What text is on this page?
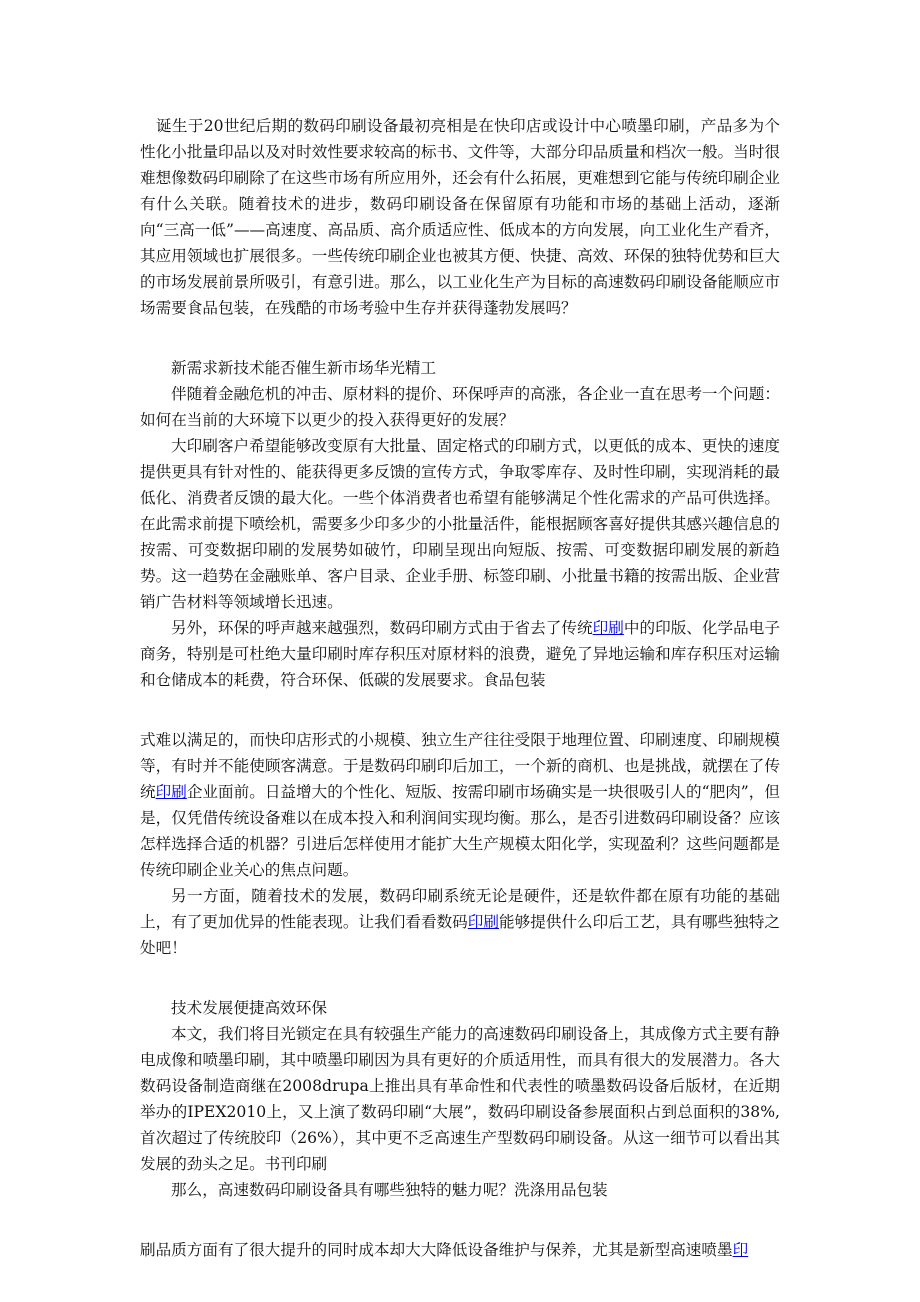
诞生于20世纪后期的数码印刷设备最初亮相是在快印店或设计中心喷墨印刷，产品多为个性化小批量印品以及对时效性要求较高的标书、文件等，大部分印品质量和档次一般。当时很难想像数码印刷除了在这些市场有所应用外，还会有什么拓展，更难想到它能与传统印刷企业有什么关联。随着技术的进步，数码印刷设备在保留原有功能和市场的基础上活动，逐渐向“三高一低”——高速度、高品质、高介质适应性、低成本的方向发展，向工业化生产看齐，其应用领域也扩展很多。一些传统印刷企业也被其方便、快捷、高效、环保的独特优势和巨大的市场发展前景所吸引，有意引进。那么，以工业化生产为目标的高速数码印刷设备能顺应市场需要食品包装，在残酷的市场考验中生存并获得蓬勃发展吗？

新需求新技术能否催生新市场华光精工

伴随着金融危机的冲击、原材料的提价、环保呼声的高涨，各企业一直在思考一个问题：如何在当前的大环境下以更少的投入获得更好的发展？

大印刷客户希望能够改变原有大批量、固定格式的印刷方式，以更低的成本、更快的速度提供更具有针对性的、能获得更多反馈的宣传方式，争取零库存、及时性印刷，实现消耗的最低化、消费者反馈的最大化。一些个体消费者也希望有能够满足个性化需求的产品可供选择。在此需求前提下喷绘机，需要多少印多少的小批量活件，能根据顾客喜好提供其感兴趣信息的按需、可变数据印刷的发展势如破竹，印刷呈现出向短版、按需、可变数据印刷发展的新趋势。这一趋势在金融账单、客户目录、企业手册、标签印刷、小批量书籍的按需出版、企业营销广告材料等领域增长迅速。

另外，环保的呼声越来越强烈，数码印刷方式由于省去了传统印刷中的印版、化学品电子商务，特别是可杜绝大量印刷时库存积压对原材料的浪费，避免了异地运输和库存积压对运输和仓储成本的耗费，符合环保、低碳的发展要求。食品包装

式难以满足的，而快印店形式的小规模、独立生产往往受限于地理位置、印刷速度、印刷规模等，有时并不能使顾客满意。于是数码印刷印后加工，一个新的商机、也是挑战，就摆在了传统印刷企业面前。日益增大的个性化、短版、按需印刷市场确实是一块很吸引人的“肥肉”，但是，仅凭借传统设备难以在成本投入和利润间实现均衡。那么，是否引进数码印刷设备？应该怎样选择合适的机器？引进后怎样使用才能扩大生产规模太阳化学，实现盈利？这些问题都是传统印刷企业关心的焦点问题。

另一方面，随着技术的发展，数码印刷系统无论是硬件，还是软件都在原有功能的基础上，有了更加优异的性能表现。让我们看看数码印刷能够提供什么印后工艺，具有哪些独特之处吧！

技术发展便捷高效环保

本文，我们将目光锁定在具有较强生产能力的高速数码印刷设备上，其成像方式主要有静电成像和喷墨印刷，其中喷墨印刷因为具有更好的介质适用性，而具有很大的发展潜力。各大数码设备制造商继在2008drupa上推出具有革命性和代表性的喷墨数码设备后版材，在近期举办的IPEX2010上，又上演了数码印刷“大展”，数码印刷设备参展面积占到总面积的38%,首次超过了传统胶印（26%），其中更不乏高速生产型数码印刷设备。从这一细节可以看出其发展的劲头之足。书刊印刷

那么，高速数码印刷设备具有哪些独特的魅力呢？洗涤用品包装

刷品质方面有了很大提升的同时成本却大大降低设备维护与保养，尤其是新型高速喷墨印
